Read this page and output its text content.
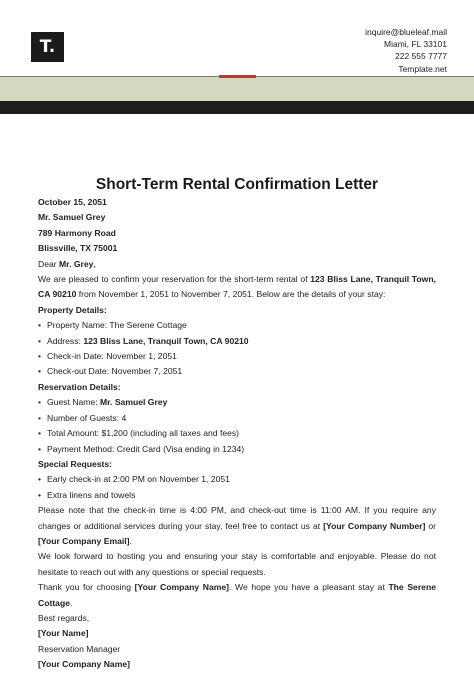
T.
inquire@blueleaf.mail
Miami, FL 33101
222 555 7777
Template.net
Short-Term Rental Confirmation Letter

October 15, 2051

Mr. Samuel Grey

789 Harmony Road

Blissville, TX 75001

Dear Mr. Grey,

We are pleased to confirm your reservation for the short-term rental of 123 Bliss Lane, Tranquil Town, CA 90210 from November 1, 2051 to November 7, 2051. Below are the details of your stay:

Property Details:

• Property Name: The Serene Cottage
• Address: 123 Bliss Lane, Tranquil Town, CA 90210
• Check-in Date: November 1, 2051
• Check-out Date: November 7, 2051

Reservation Details:

• Guest Name: Mr. Samuel Grey
• Number of Guests: 4
• Total Amount: $1,200 (including all taxes and fees)
• Payment Method: Credit Card (Visa ending in 1234)

Special Requests:

• Early check-in at 2:00 PM on November 1, 2051
• Extra linens and towels

Please note that the check-in time is 4:00 PM, and check-out time is 11:00 AM. If you require any changes or additional services during your stay, feel free to contact us at [Your Company Number] or [Your Company Email].

We look forward to hosting you and ensuring your stay is comfortable and enjoyable. Please do not hesitate to reach out with any questions or special requests.

Thank you for choosing [Your Company Name]. We hope you have a pleasant stay at The Serene Cottage.

Best regards,

[Your Name]

Reservation Manager

[Your Company Name]
